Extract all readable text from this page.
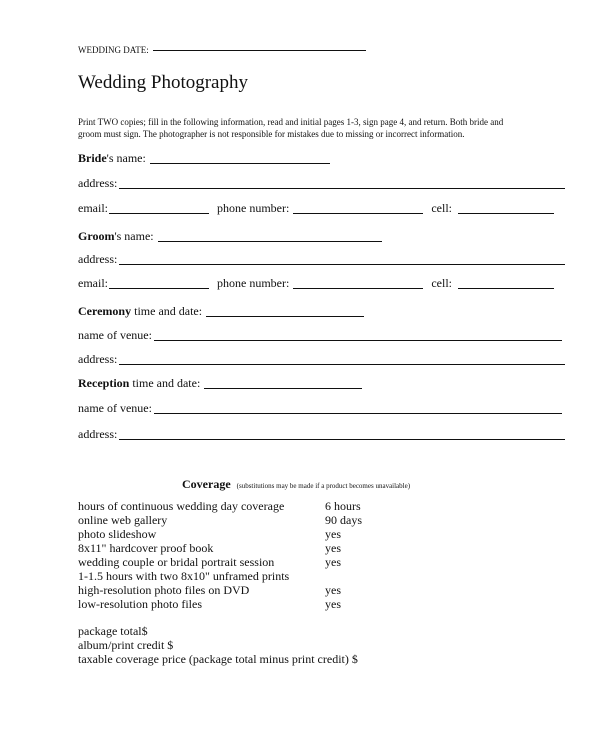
WEDDING DATE:
Wedding Photography
Print TWO copies; fill in the following information, read and initial pages 1-3, sign page 4, and return. Both bride and
groom must sign. The photographer is not responsible for mistakes due to missing or incorrect information.
Bride's name:
address:
email:	phone number:	cell:
Groom's name:
address:
email:	phone number:	cell:
Ceremony time and date:
name of venue:
address:
Reception time and date:
name of venue:
address:
Coverage (substitutions may be made if a product becomes unavailable)
hours of continuous wedding day coverage	6 hours
online web gallery	90 days
photo slideshow	yes
8x11" hardcover proof book	yes
wedding couple or bridal portrait session	yes
1-1.5 hours with two 8x10" unframed prints
high-resolution photo files on DVD	yes
low-resolution photo files	yes
package total$
album/print credit $
taxable coverage price (package total minus print credit) $
